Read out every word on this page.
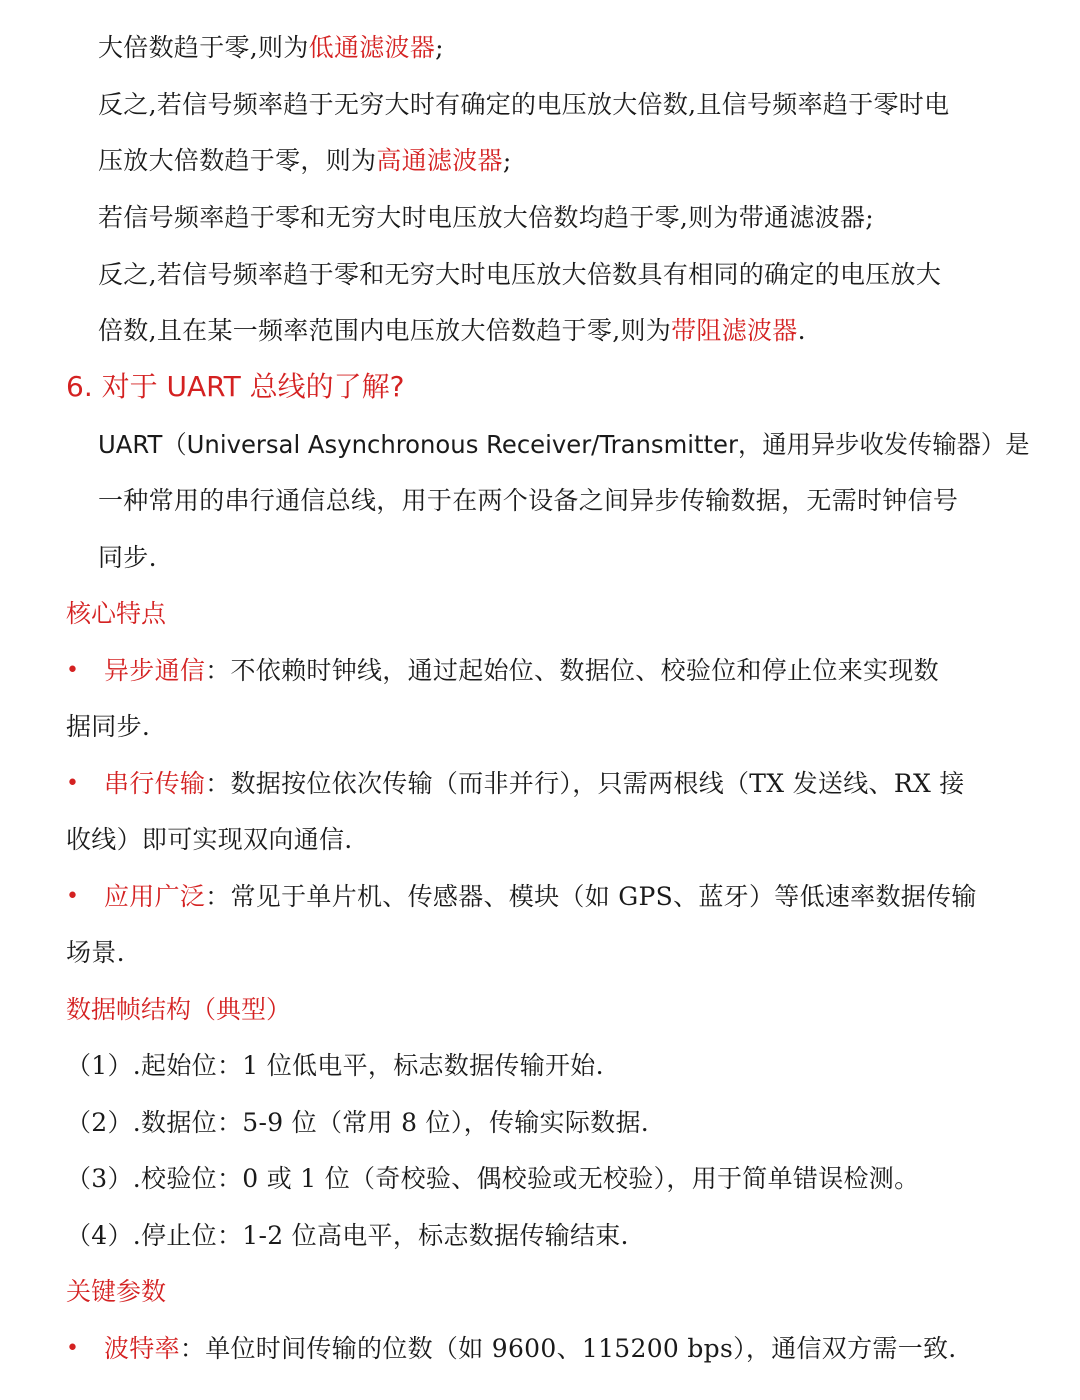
大倍数趋于零,则为低通滤波器;
反之,若信号频率趋于无穷大时有确定的电压放大倍数,且信号频率趋于零时电
压放大倍数趋于零，则为高通滤波器;
若信号频率趋于零和无穷大时电压放大倍数均趋于零,则为带通滤波器;
反之,若信号频率趋于零和无穷大时电压放大倍数具有相同的确定的电压放大
倍数,且在某一频率范围内电压放大倍数趋于零,则为带阻滤波器.
6. 对于 UART 总线的了解?
UART（Universal Asynchronous Receiver/Transmitter，通用异步收发传输器）是
一种常用的串行通信总线，用于在两个设备之间异步传输数据，无需时钟信号
同步.
核心特点
• 异步通信：不依赖时钟线，通过起始位、数据位、校验位和停止位来实现数
据同步.
• 串行传输：数据按位依次传输（而非并行），只需两根线（TX 发送线、RX 接
收线）即可实现双向通信.
• 应用广泛：常见于单片机、传感器、模块（如 GPS、蓝牙）等低速率数据传输
场景.
数据帧结构（典型）
（1）.起始位：1 位低电平，标志数据传输开始.
（2）.数据位：5-9 位（常用 8 位），传输实际数据.
（3）.校验位：0 或 1 位（奇校验、偶校验或无校验），用于简单错误检测。
（4）.停止位：1-2 位高电平，标志数据传输结束.
关键参数
• 波特率：单位时间传输的位数（如 9600、115200 bps），通信双方需一致.
